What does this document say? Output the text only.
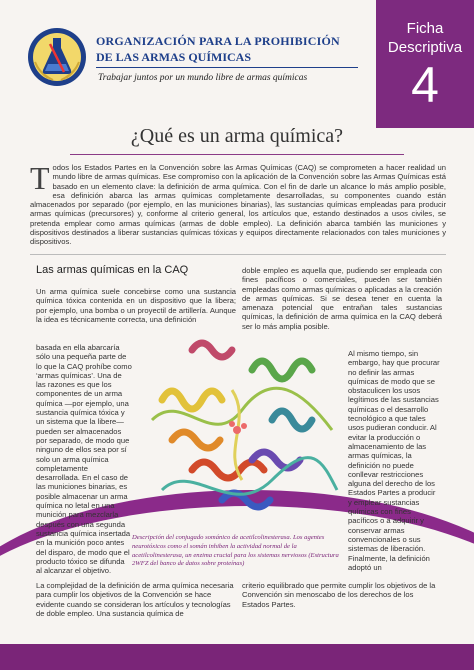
ORGANIZACIÓN PARA LA PROHIBICIÓN
DE LAS ARMAS QUÍMICAS
Trabajar juntos por un mundo libre de armas químicas
Ficha
Descriptiva
4
¿Qué es un arma química?
Todos los Estados Partes en la Convención sobre las Armas Químicas (CAQ) se comprometen a hacer realidad un mundo libre de armas químicas. Ese compromiso con la aplicación de la Convención sobre las Armas Químicas está basado en un elemento clave: la definición de arma química. Con el fin de darle un alcance lo más amplio posible, esa definición abarca las armas químicas completamente desarrolladas, su componentes cuando están almacenados por separado (por ejemplo, en las municiones binarias), las sustancias químicas empleadas para producir armas químicas (precursores) y, conforme al criterio general, los artículos que, estando destinados a usos civiles, se pretenda emplear como armas químicas (armas de doble empleo). La definición abarca también las municiones y dispositivos destinados a liberar sustancias químicas tóxicas y equipos directamente relacionados con tales municiones y dispositivos.
Las armas químicas en la CAQ

Un arma química suele concebirse como una sustancia química tóxica contenida en un dispositivo que la libera; por ejemplo, una bomba o un proyectil de artillería. Aunque la idea es técnicamente correcta, una definición

basada en ella abarcaría sólo una pequeña parte de lo que la CAQ prohíbe como ‘armas químicas’. Una de las razones es que los componentes de un arma química —por ejemplo, una sustancia química tóxica y un sistema que la libere— pueden ser almacenados por separado, de modo que ninguno de ellos sea por sí solo un arma química completamente desarrollada. En el caso de las municiones binarias, es posible almacenar un arma química no letal en una munición para mezclarla después con una segunda sustancia química insertada en la munición poco antes del disparo, de modo que el producto tóxico se difunda al alcanzar el objetivo.

La complejidad de la definición de arma química necesaria para cumplir los objetivos de la Convención se hace evidente cuando se consideran los artículos y tecnologías de doble empleo. Una sustancia química de

doble empleo es aquella que, pudiendo ser empleada con fines pacíficos o comerciales, pueden ser también empleadas como armas químicas o aplicadas a la creación de armas químicas. Si se desea tener en cuenta la amenaza potencial que entrañan tales sustancias químicas, la definición de arma química en la CAQ deberá ser lo más amplia posible.

Al mismo tiempo, sin embargo, hay que procurar no definir las armas químicas de modo que se obstaculicen los usos legítimos de las sustancias químicas o el desarrollo tecnológico a que tales usos pudieran conducir. Al evitar la producción o almacenamiento de las armas químicas, la definición no puede conllevar restricciones alguna del derecho de los Estados Partes a producir y emplear sustancias químicas con fines pacíficos o a adquirir y conservar armas convencionales o sus sistemas de liberación. Finalmente, la definición adoptó un

criterio equilibrado que permite cumplir los objetivos de la Convención sin menoscabo de los derechos de los Estados Partes.

Descripción del conjugado sománico de acetilcolinesterasa. Los agentes neurotóxicos como el somán inhiben la actividad normal de la acetilcolinesterasa, un enzima crucial para los sistemas nerviosos (Estructura 2WFZ del banco de datos sobre proteínas)
